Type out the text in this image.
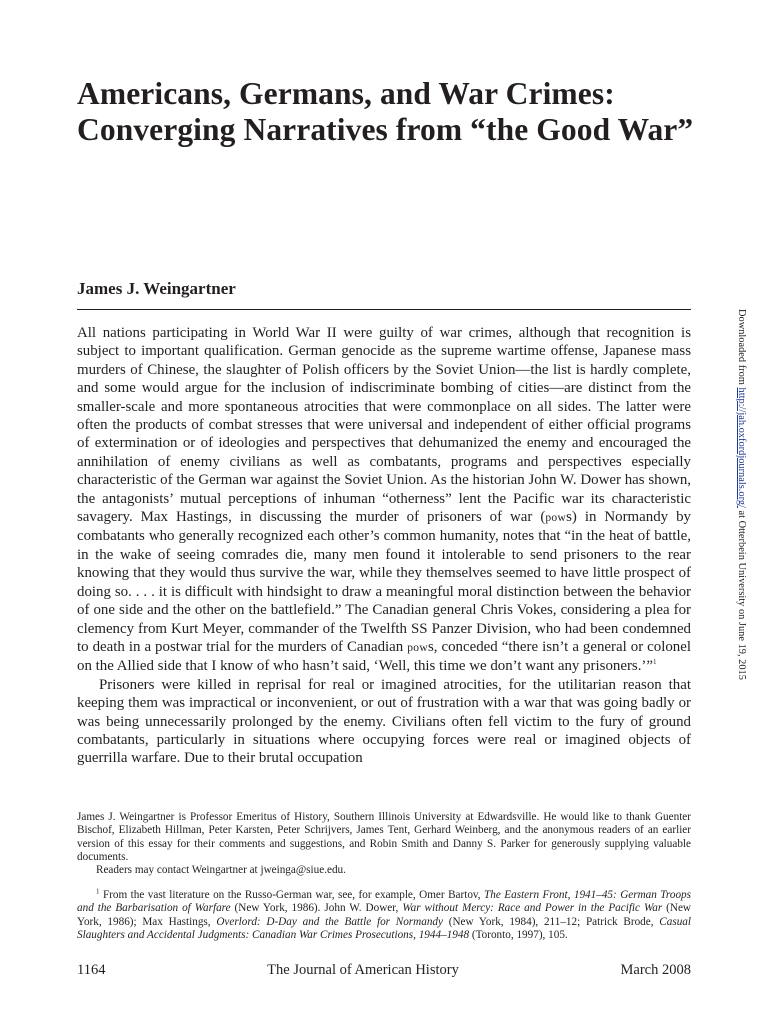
Americans, Germans, and War Crimes: Converging Narratives from “the Good War”
James J. Weingartner

All nations participating in World War II were guilty of war crimes, although that recognition is subject to important qualification. German genocide as the supreme wartime offense, Japanese mass murders of Chinese, the slaughter of Polish officers by the Soviet Union—the list is hardly complete, and some would argue for the inclusion of indiscriminate bombing of cities—are distinct from the smaller-scale and more spontaneous atrocities that were commonplace on all sides. The latter were often the products of combat stresses that were universal and independent of either official programs of extermination or of ideologies and perspectives that dehumanized the enemy and encouraged the annihilation of enemy civilians as well as combatants, programs and perspectives especially characteristic of the German war against the Soviet Union. As the historian John W. Dower has shown, the antagonists’ mutual perceptions of inhuman “otherness” lent the Pacific war its characteristic savagery. Max Hastings, in discussing the murder of prisoners of war (pows) in Normandy by combatants who generally recognized each other’s common humanity, notes that “in the heat of battle, in the wake of seeing comrades die, many men found it intolerable to send prisoners to the rear knowing that they would thus survive the war, while they themselves seemed to have little prospect of doing so. . . . it is difficult with hindsight to draw a meaningful moral distinction between the behavior of one side and the other on the battlefield.” The Canadian general Chris Vokes, considering a plea for clemency from Kurt Meyer, commander of the Twelfth SS Panzer Division, who had been condemned to death in a postwar trial for the murders of Canadian pows, conceded “there isn’t a general or colonel on the Allied side that I know of who hasn’t said, ‘Well, this time we don’t want any prisoners.’”$^1$

Prisoners were killed in reprisal for real or imagined atrocities, for the utilitarian reason that keeping them was impractical or inconvenient, or out of frustration with a war that was going badly or was being unnecessarily prolonged by the enemy. Civilians often fell victim to the fury of ground combatants, particularly in situations where occupying forces were real or imagined objects of guerrilla warfare. Due to their brutal occupation

James J. Weingartner is Professor Emeritus of History, Southern Illinois University at Edwardsville. He would like to thank Guenter Bischof, Elizabeth Hillman, Peter Karsten, Peter Schrijvers, James Tent, Gerhard Weinberg, and the anonymous readers of an earlier version of this essay for their comments and suggestions, and Robin Smith and Danny S. Parker for generously supplying valuable documents.

Readers may contact Weingartner at jweinga@siue.edu.

$^1$ From the vast literature on the Russo-German war, see, for example, Omer Bartov, The Eastern Front, 1941–45: German Troops and the Barbarisation of Warfare (New York, 1986). John W. Dower, War without Mercy: Race and Power in the Pacific War (New York, 1986); Max Hastings, Overlord: D-Day and the Battle for Normandy (New York, 1984), 211–12; Patrick Brode, Casual Slaughters and Accidental Judgments: Canadian War Crimes Prosecutions, 1944–1948 (Toronto, 1997), 105.

1164	The Journal of American History	March 2008
Downloaded from http://jah.oxfordjournals.org/ at Otterbein University on June 19, 2015
